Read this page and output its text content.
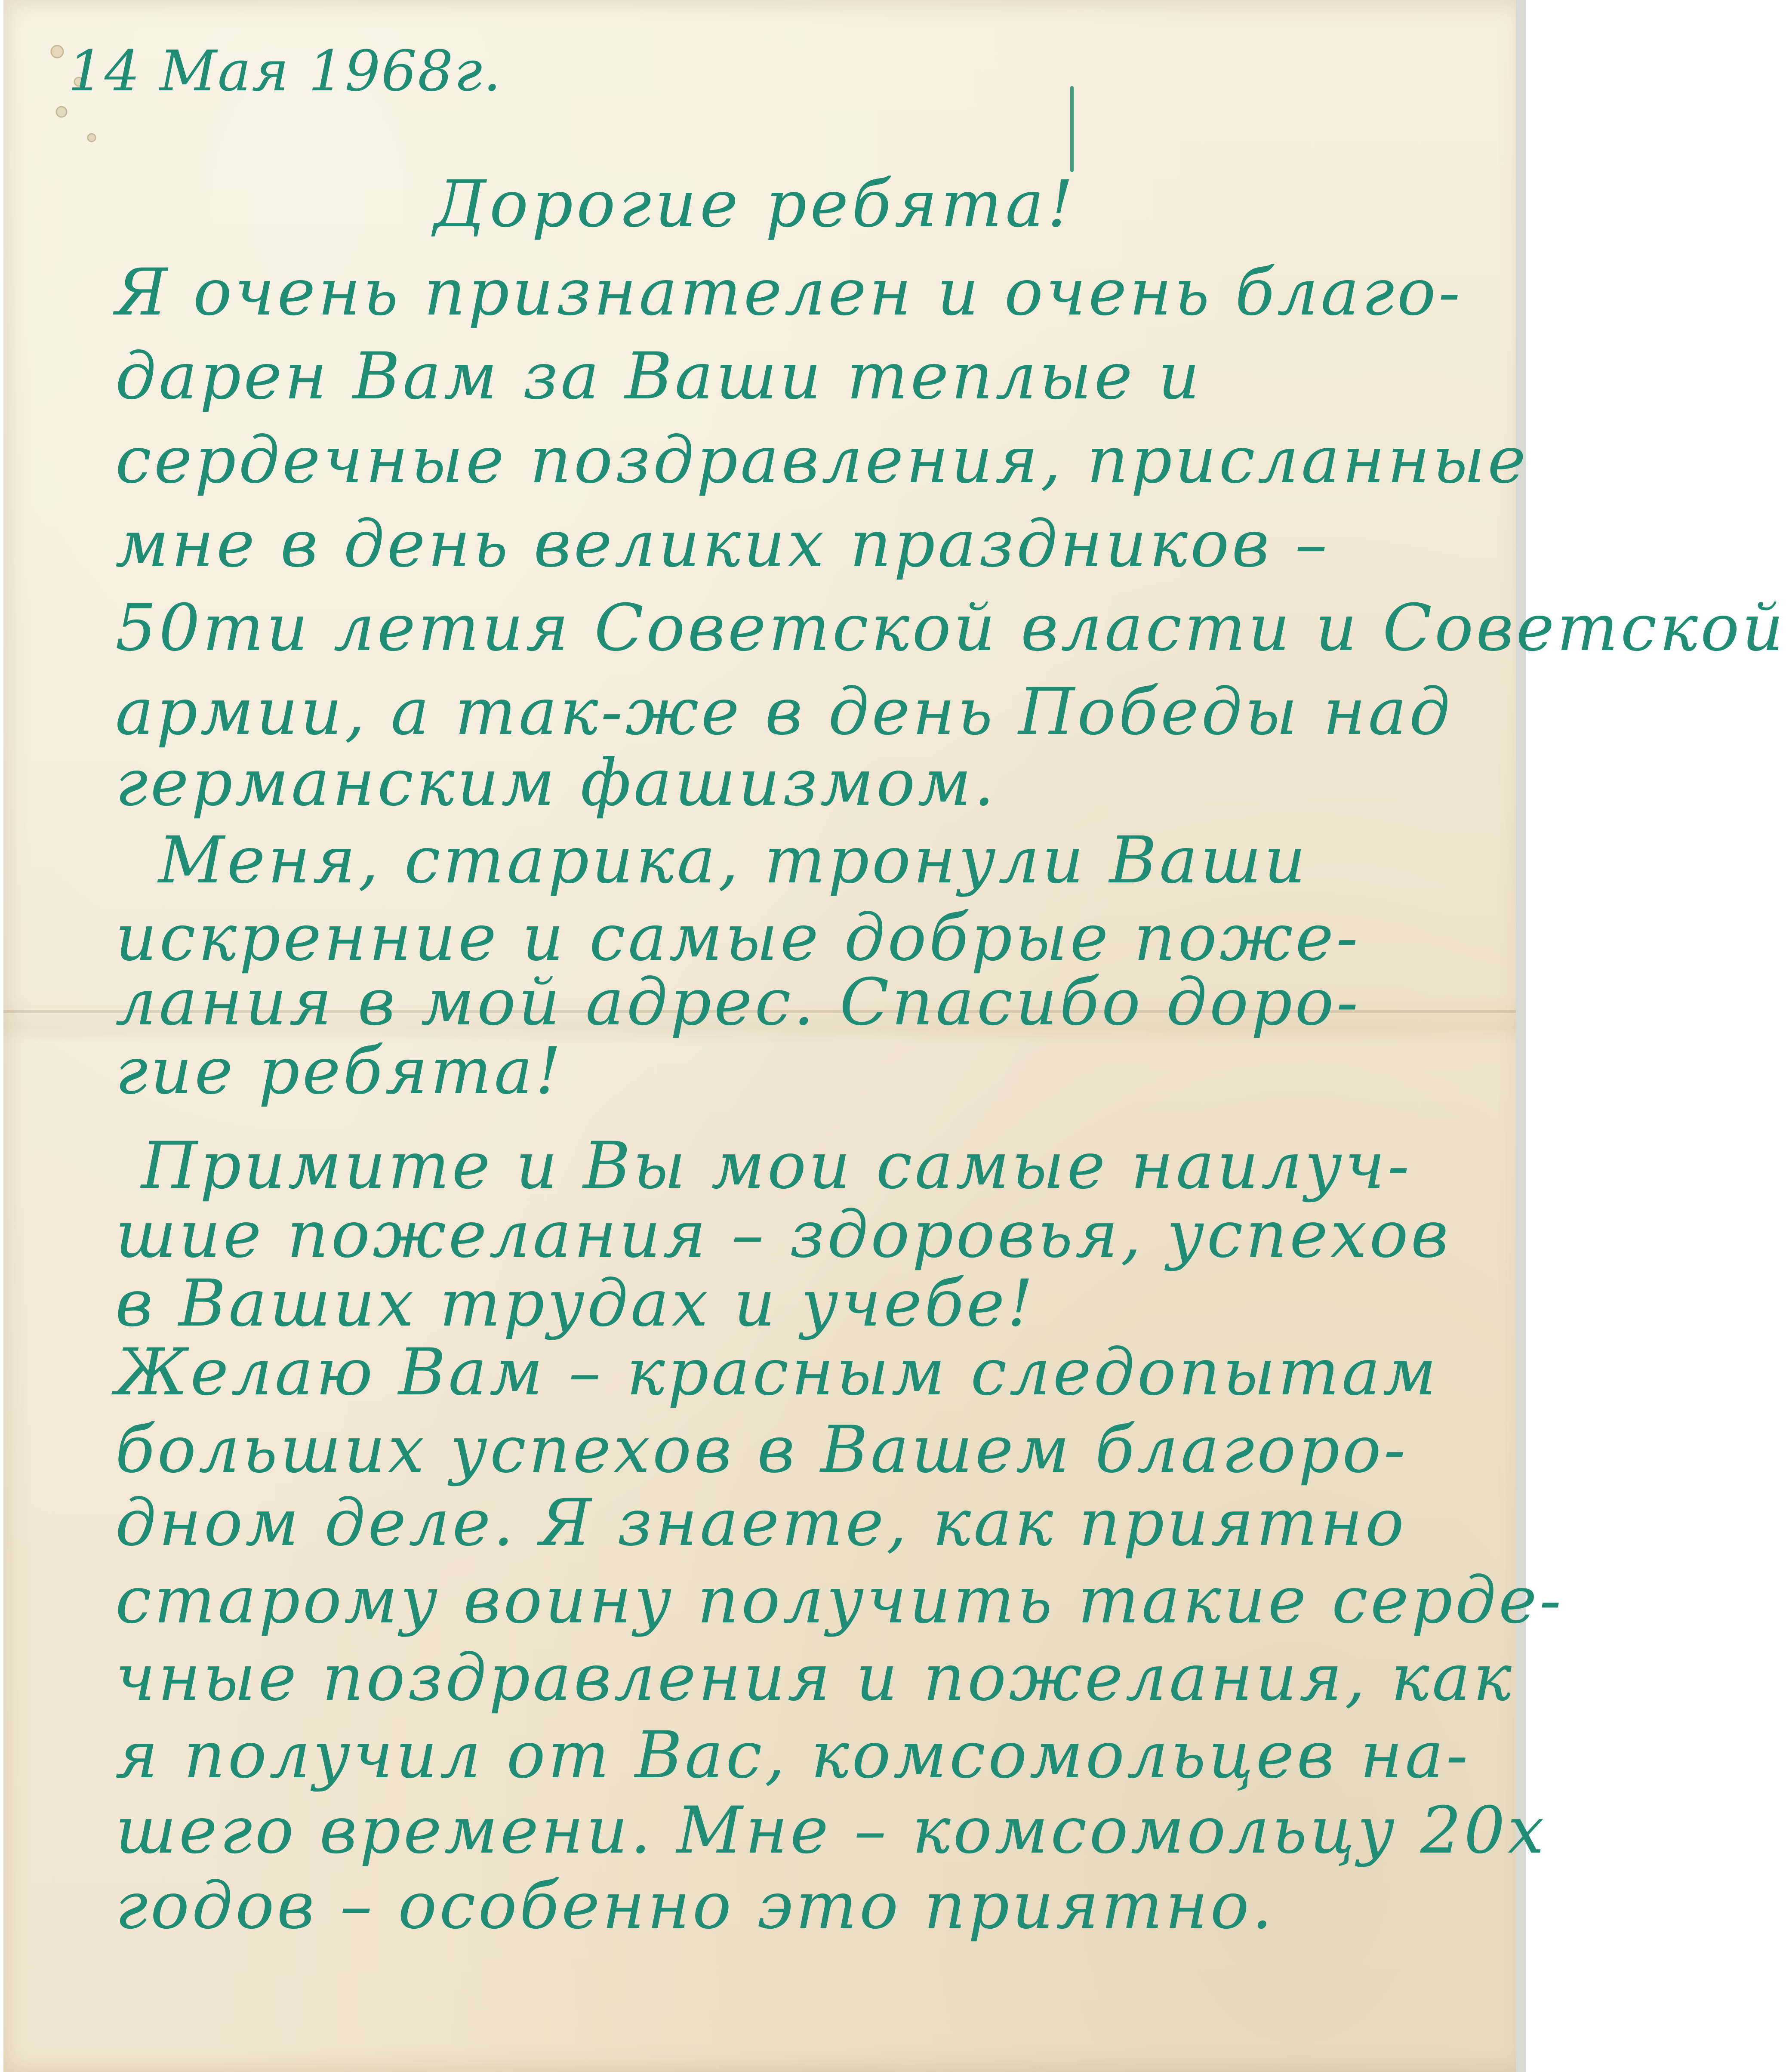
14 Мая 1968г.
Дорогие ребята!
Я очень признателен и очень благо-
дарен Вам за Ваши теплые и
сердечные поздравления, присланные
мне в день великих праздников –
50ти летия Советской власти и Советской
армии, а так-же в день Победы над
германским фашизмом.
Меня, старика, тронули Ваши
искренние и самые добрые поже-
лания в мой адрес. Спасибо доро-
гие ребята!
Примите и Вы мои самые наилуч-
шие пожелания – здоровья, успехов
в Ваших трудах и учебе!
Желаю Вам – красным следопытам
больших успехов в Вашем благоро-
дном деле. Я знаете, как приятно
старому воину получить такие серде-
чные поздравления и пожелания, как
я получил от Вас, комсомольцев на-
шего времени. Мне – комсомольцу 20х
годов – особенно это приятно.
